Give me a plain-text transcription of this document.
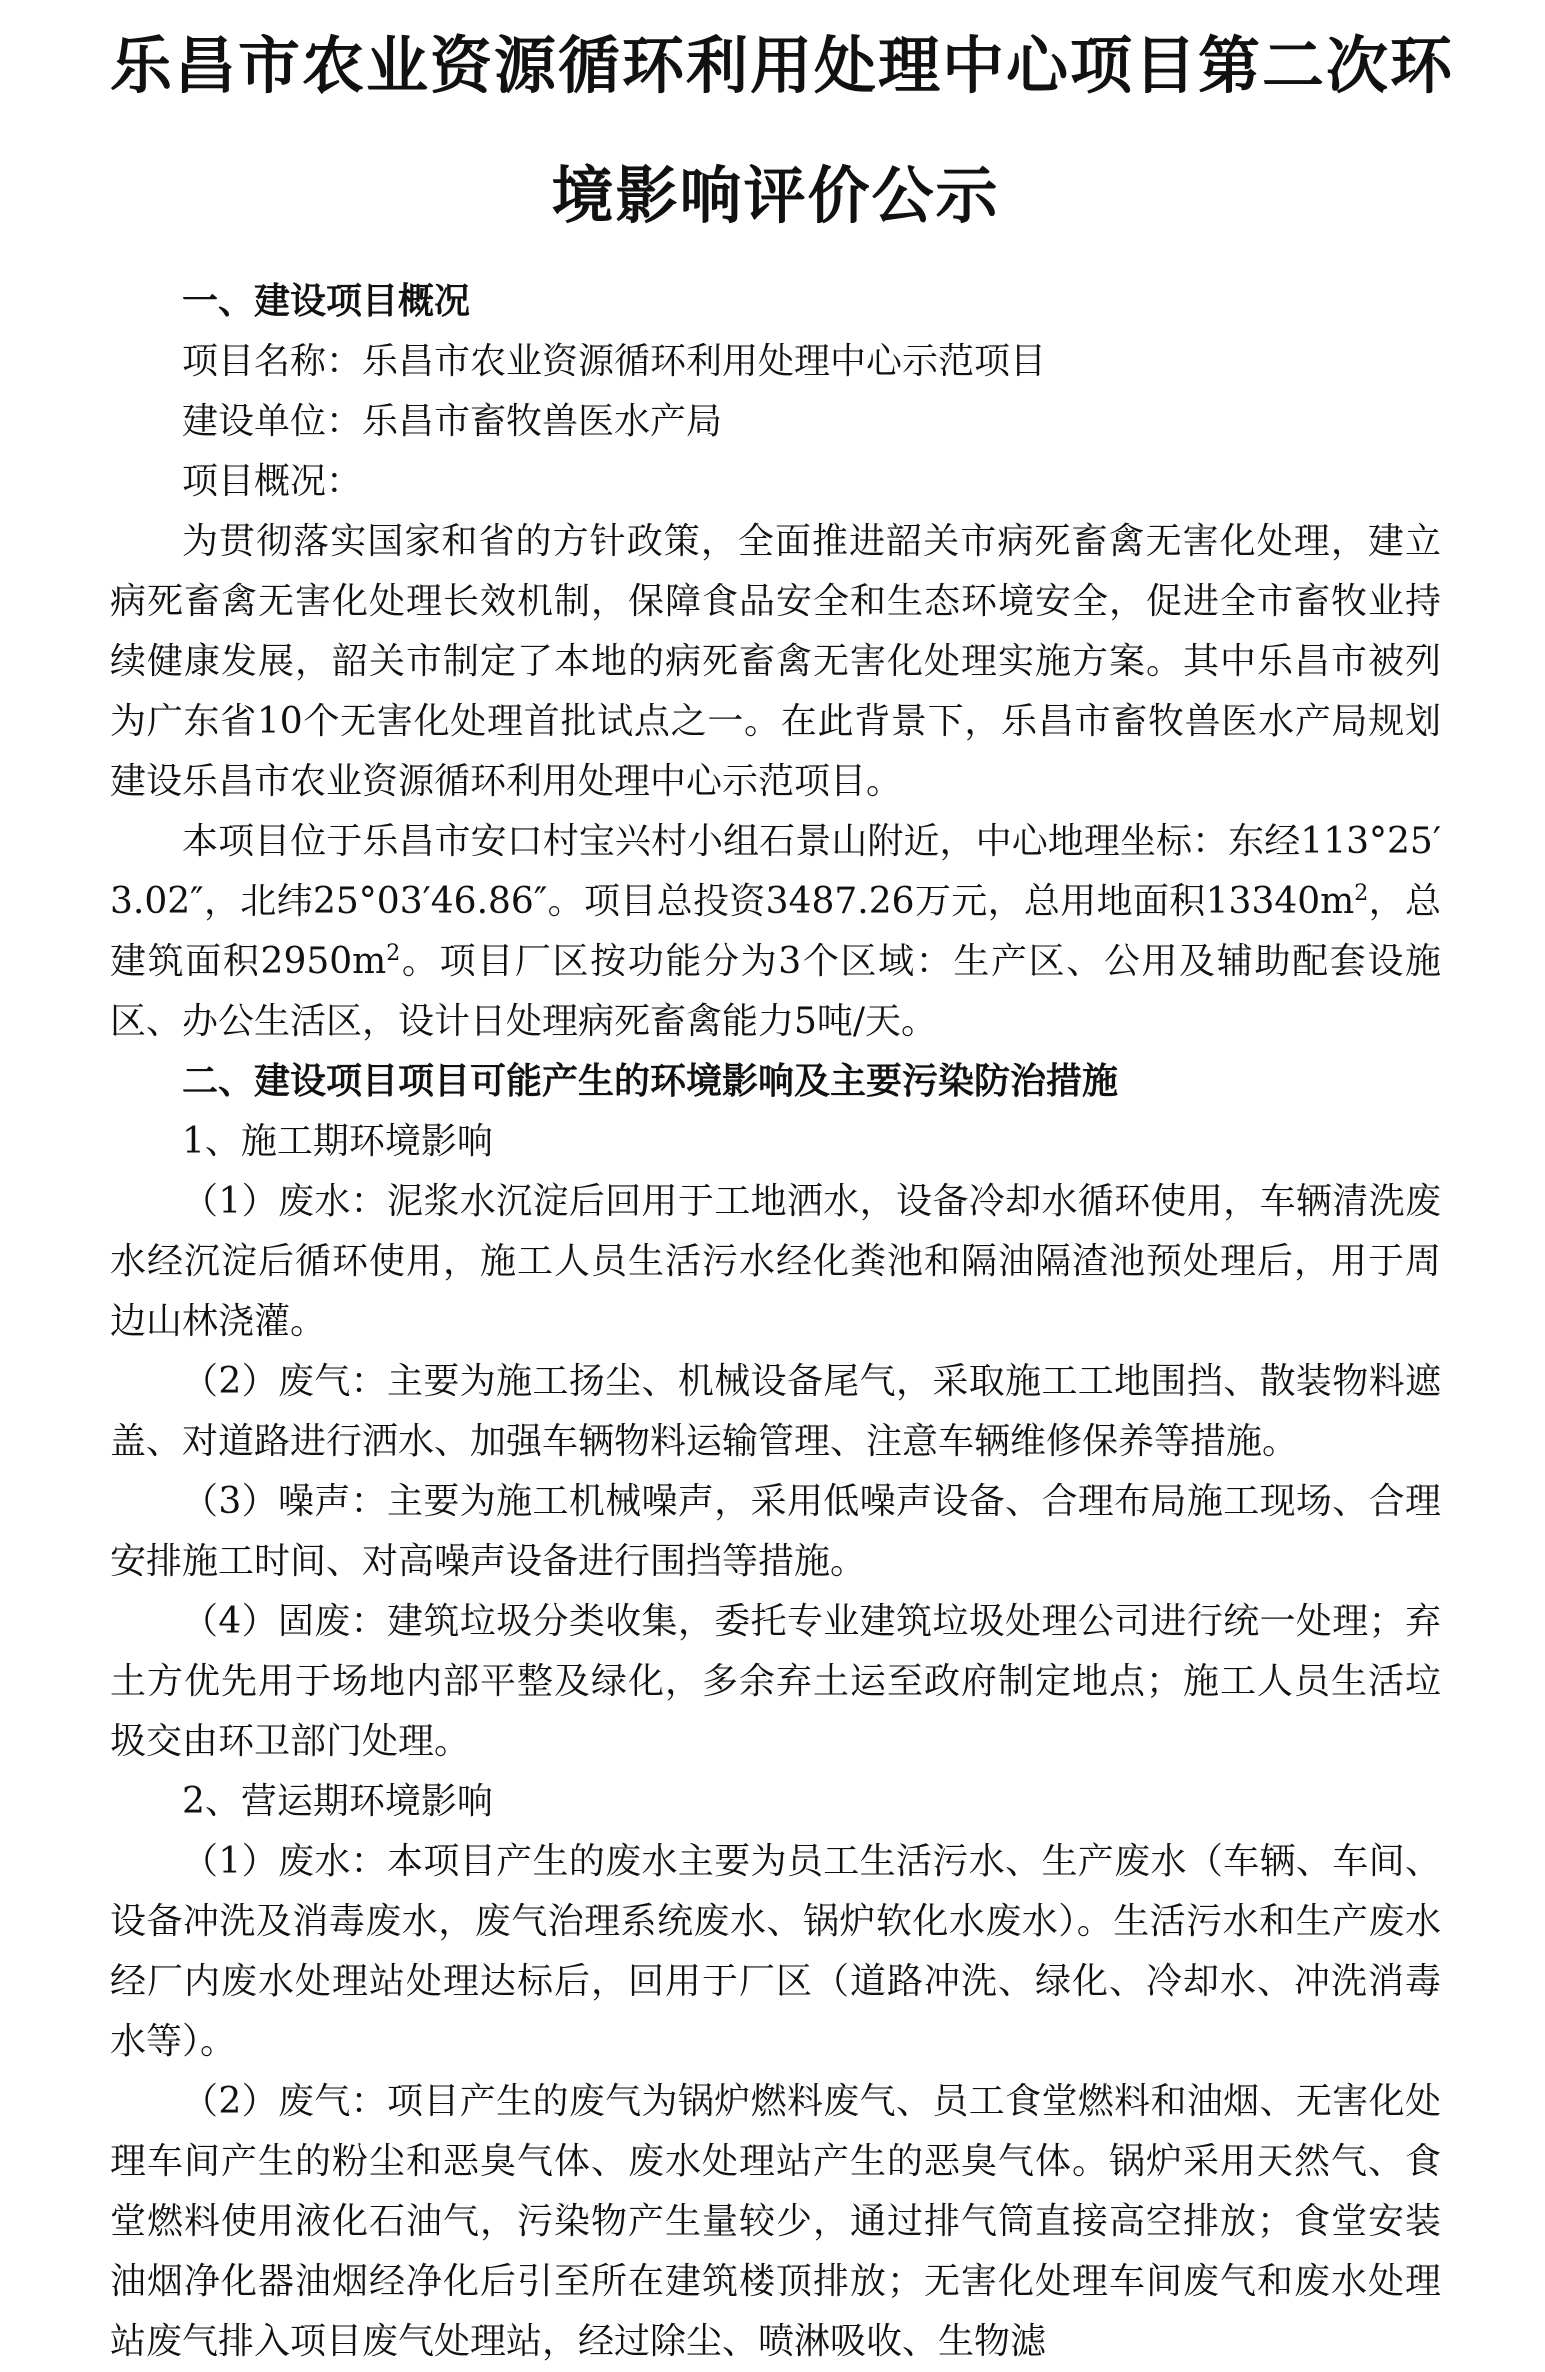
乐昌市农业资源循环利用处理中心项目第二次环
境影响评价公示

一、建设项目概况

项目名称：乐昌市农业资源循环利用处理中心示范项目

建设单位：乐昌市畜牧兽医水产局

项目概况：

为贯彻落实国家和省的方针政策，全面推进韶关市病死畜禽无害化处理，建立病死畜禽无害化处理长效机制，保障食品安全和生态环境安全，促进全市畜牧业持续健康发展，韶关市制定了本地的病死畜禽无害化处理实施方案。其中乐昌市被列为广东省10个无害化处理首批试点之一。在此背景下，乐昌市畜牧兽医水产局规划建设乐昌市农业资源循环利用处理中心示范项目。

本项目位于乐昌市安口村宝兴村小组石景山附近，中心地理坐标：东经113°25′3.02″，北纬25°03′46.86″。项目总投资3487.26万元，总用地面积$13340m^2$，总建筑面积$2950m^2$。项目厂区按功能分为3个区域：生产区、公用及辅助配套设施区、办公生活区，设计日处理病死畜禽能力5吨/天。

二、建设项目项目可能产生的环境影响及主要污染防治措施

1、施工期环境影响

（1）废水：泥浆水沉淀后回用于工地洒水，设备冷却水循环使用，车辆清洗废水经沉淀后循环使用，施工人员生活污水经化粪池和隔油隔渣池预处理后，用于周边山林浇灌。

（2）废气：主要为施工扬尘、机械设备尾气，采取施工工地围挡、散装物料遮盖、对道路进行洒水、加强车辆物料运输管理、注意车辆维修保养等措施。

（3）噪声：主要为施工机械噪声，采用低噪声设备、合理布局施工现场、合理安排施工时间、对高噪声设备进行围挡等措施。

（4）固废：建筑垃圾分类收集，委托专业建筑垃圾处理公司进行统一处理；弃土方优先用于场地内部平整及绿化，多余弃土运至政府制定地点；施工人员生活垃圾交由环卫部门处理。

2、营运期环境影响

（1）废水：本项目产生的废水主要为员工生活污水、生产废水（车辆、车间、设备冲洗及消毒废水，废气治理系统废水、锅炉软化水废水）。生活污水和生产废水经厂内废水处理站处理达标后，回用于厂区（道路冲洗、绿化、冷却水、冲洗消毒水等）。

（2）废气：项目产生的废气为锅炉燃料废气、员工食堂燃料和油烟、无害化处理车间产生的粉尘和恶臭气体、废水处理站产生的恶臭气体。锅炉采用天然气、食堂燃料使用液化石油气，污染物产生量较少，通过排气筒直接高空排放；食堂安装油烟净化器油烟经净化后引至所在建筑楼顶排放；无害化处理车间废气和废水处理站废气排入项目废气处理站，经过除尘、喷淋吸收、生物滤
